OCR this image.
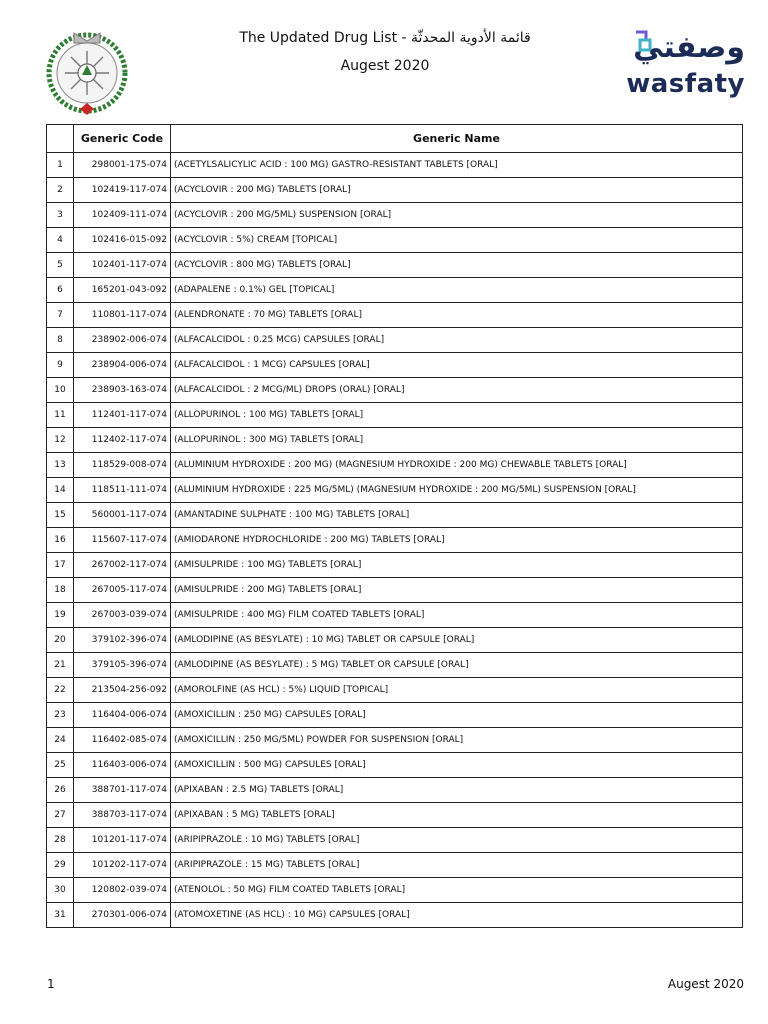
The Updated Drug List - قائمة الأدوية المحدثّة
Augest 2020
وصفتي
wasfaty
	Generic Code	Generic Name
1	298001-175-074	(ACETYLSALICYLIC ACID : 100 MG) GASTRO-RESISTANT TABLETS [ORAL]
2	102419-117-074	(ACYCLOVIR : 200 MG) TABLETS [ORAL]
3	102409-111-074	(ACYCLOVIR : 200 MG/5ML) SUSPENSION [ORAL]
4	102416-015-092	(ACYCLOVIR : 5%) CREAM [TOPICAL]
5	102401-117-074	(ACYCLOVIR : 800 MG) TABLETS [ORAL]
6	165201-043-092	(ADAPALENE : 0.1%) GEL [TOPICAL]
7	110801-117-074	(ALENDRONATE : 70 MG) TABLETS [ORAL]
8	238902-006-074	(ALFACALCIDOL : 0.25 MCG) CAPSULES [ORAL]
9	238904-006-074	(ALFACALCIDOL : 1 MCG) CAPSULES [ORAL]
10	238903-163-074	(ALFACALCIDOL : 2 MCG/ML) DROPS (ORAL) [ORAL]
11	112401-117-074	(ALLOPURINOL : 100 MG) TABLETS [ORAL]
12	112402-117-074	(ALLOPURINOL : 300 MG) TABLETS [ORAL]
13	118529-008-074	(ALUMINIUM HYDROXIDE : 200 MG) (MAGNESIUM HYDROXIDE : 200 MG) CHEWABLE TABLETS [ORAL]
14	118511-111-074	(ALUMINIUM HYDROXIDE : 225 MG/5ML) (MAGNESIUM HYDROXIDE : 200 MG/5ML) SUSPENSION [ORAL]
15	560001-117-074	(AMANTADINE SULPHATE : 100 MG) TABLETS [ORAL]
16	115607-117-074	(AMIODARONE HYDROCHLORIDE : 200 MG) TABLETS [ORAL]
17	267002-117-074	(AMISULPRIDE : 100 MG) TABLETS [ORAL]
18	267005-117-074	(AMISULPRIDE : 200 MG) TABLETS [ORAL]
19	267003-039-074	(AMISULPRIDE : 400 MG) FILM COATED TABLETS [ORAL]
20	379102-396-074	(AMLODIPINE (AS BESYLATE) : 10 MG) TABLET OR CAPSULE [ORAL]
21	379105-396-074	(AMLODIPINE (AS BESYLATE) : 5 MG) TABLET OR CAPSULE [ORAL]
22	213504-256-092	(AMOROLFINE (AS HCL) : 5%) LIQUID [TOPICAL]
23	116404-006-074	(AMOXICILLIN : 250 MG) CAPSULES [ORAL]
24	116402-085-074	(AMOXICILLIN : 250 MG/5ML) POWDER FOR SUSPENSION [ORAL]
25	116403-006-074	(AMOXICILLIN : 500 MG) CAPSULES [ORAL]
26	388701-117-074	(APIXABAN : 2.5 MG) TABLETS [ORAL]
27	388703-117-074	(APIXABAN : 5 MG) TABLETS [ORAL]
28	101201-117-074	(ARIPIPRAZOLE : 10 MG) TABLETS [ORAL]
29	101202-117-074	(ARIPIPRAZOLE : 15 MG) TABLETS [ORAL]
30	120802-039-074	(ATENOLOL : 50 MG) FILM COATED TABLETS [ORAL]
31	270301-006-074	(ATOMOXETINE (AS HCL) : 10 MG) CAPSULES [ORAL]
1	Augest 2020
